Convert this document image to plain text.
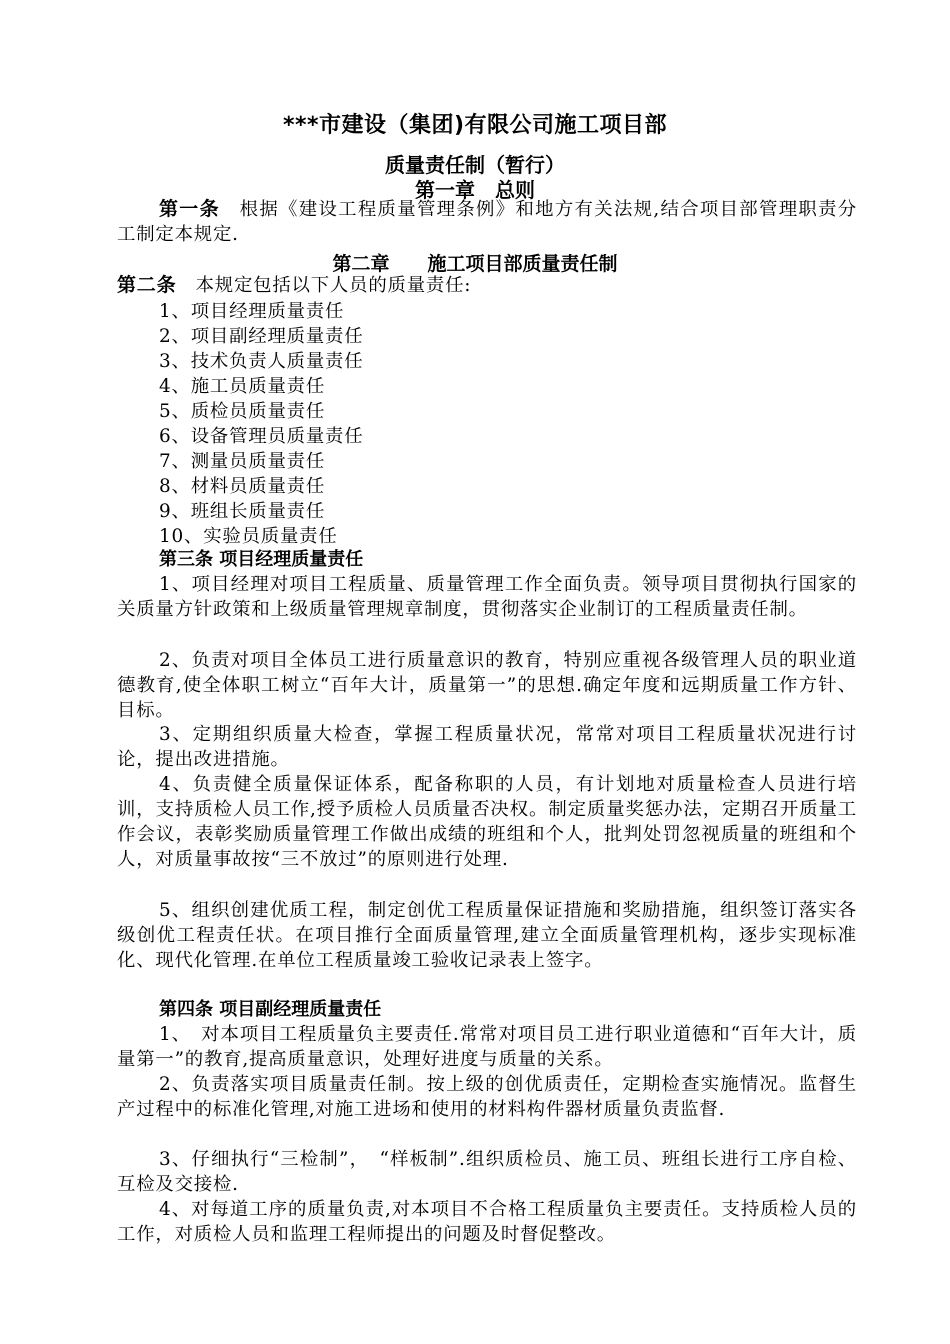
***市建设（集团)有限公司施工项目部
质量责任制（暂行）
第一章　总则

第一条　根据《建设工程质量管理条例》和地方有关法规,结合项目部管理职责分工制定本规定.

第二章　　施工项目部质量责任制

第二条　本规定包括以下人员的质量责任:

1、项目经理质量责任
2、项目副经理质量责任
3、技术负责人质量责任
4、施工员质量责任
5、质检员质量责任
6、设备管理员质量责任
7、测量员质量责任
8、材料员质量责任
9、班组长质量责任
10、实验员质量责任
第三条 项目经理质量责任

1、项目经理对项目工程质量、质量管理工作全面负责。领导项目贯彻执行国家的关质量方针政策和上级质量管理规章制度，贯彻落实企业制订的工程质量责任制。

2、负责对项目全体员工进行质量意识的教育，特别应重视各级管理人员的职业道德教育,使全体职工树立“百年大计，质量第一”的思想.确定年度和远期质量工作方针、目标。

3、定期组织质量大检查，掌握工程质量状况，常常对项目工程质量状况进行讨论，提出改进措施。

4、负责健全质量保证体系，配备称职的人员，有计划地对质量检查人员进行培训，支持质检人员工作,授予质检人员质量否决权。制定质量奖惩办法，定期召开质量工作会议，表彰奖励质量管理工作做出成绩的班组和个人，批判处罚忽视质量的班组和个人，对质量事故按“三不放过”的原则进行处理.

5、组织创建优质工程，制定创优工程质量保证措施和奖励措施，组织签订落实各级创优工程责任状。在项目推行全面质量管理,建立全面质量管理机构，逐步实现标准化、现代化管理.在单位工程质量竣工验收记录表上签字。

第四条 项目副经理质量责任

1、　对本项目工程质量负主要责任.常常对项目员工进行职业道德和“百年大计，质量第一”的教育,提高质量意识，处理好进度与质量的关系。

2、负责落实项目质量责任制。按上级的创优质责任，定期检查实施情况。监督生产过程中的标准化管理,对施工进场和使用的材料构件器材质量负责监督.

3、仔细执行“三检制”，　“样板制”.组织质检员、施工员、班组长进行工序自检、互检及交接检.

4、对每道工序的质量负责,对本项目不合格工程质量负主要责任。支持质检人员的工作，对质检人员和监理工程师提出的问题及时督促整改。
